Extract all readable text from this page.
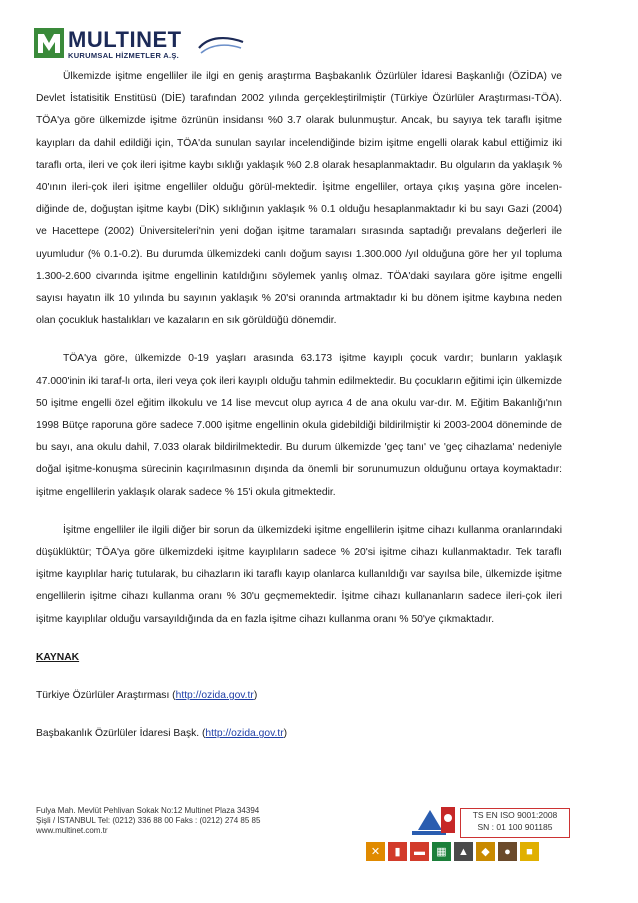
MULTINET
KURUMSAL HİZMETLER A.Ş.

Ülkemizde işitme engelliler ile ilgi en geniş araştırma Başbakanlık Özürlüler İdaresi Başkanlığı (ÖZİDA) ve Devlet İstatisitik Enstitüsü (DİE) tarafından 2002 yılında gerçekleştirilmiştir (Türkiye Özürlüler Araştırması-TÖA). TÖA'ya göre ülkemizde işitme özrünün insidansı %0 3.7 olarak bulunmuştur. Ancak, bu sayıya tek taraflı işitme kayıpları da dahil edildiği için, TÖA'da sunulan sayılar incelendiğinde bizim işitme engelli olarak kabul ettiğimiz iki taraflı orta, ileri ve çok ileri işitme kaybı sıklığı yaklaşık %0 2.8 olarak hesaplanmaktadır. Bu olguların da yaklaşık % 40'ının ileri-çok ileri işitme engelliler olduğu görül-mektedir. İşitme engelliler, ortaya çıkış yaşına göre incelen-diğinde de, doğuştan işitme kaybı (DİK) sıklığının yaklaşık % 0.1 olduğu hesaplanmaktadır ki bu sayı Gazi (2004) ve Hacettepe (2002) Üniversiteleri'nin yeni doğan işitme taramaları sırasında saptadığı prevalans değerleri ile uyumludur (% 0.1-0.2). Bu durumda ülkemizdeki canlı doğum sayısı 1.300.000 /yıl olduğuna göre her yıl topluma 1.300-2.600 civarında işitme engellinin katıldığını söylemek yanlış olmaz. TÖA'daki sayılara göre işitme engelli sayısı hayatın ilk 10 yılında bu sayının yaklaşık % 20'si oranında artmaktadır ki bu dönem işitme kaybına neden olan çocukluk hastalıkları ve kazaların en sık görüldüğü dönemdir.

TÖA'ya göre, ülkemizde 0-19 yaşları arasında 63.173 işitme kayıplı çocuk vardır; bunların yaklaşık 47.000'inin iki taraf-lı orta, ileri veya çok ileri kayıplı olduğu tahmin edilmektedir. Bu çocukların eğitimi için ülkemizde 50 işitme engelli özel eğitim ilkokulu ve 14 lise mevcut olup ayrıca 4 de ana okulu var-dır. M. Eğitim Bakanlığı'nın 1998 Bütçe raporuna göre sadece 7.000 işitme engellinin okula gidebildiği bildirilmiştir ki 2003-2004 döneminde de bu sayı, ana okulu dahil, 7.033 olarak bildirilmektedir. Bu durum ülkemizde 'geç tanı' ve 'geç cihazlama' nedeniyle doğal işitme-konuşma sürecinin kaçırılmasının dışında da önemli bir sorunumuzun olduğunu ortaya koymaktadır: işitme engellilerin yaklaşık olarak sadece % 15'i okula gitmektedir.

İşitme engelliler ile ilgili diğer bir sorun da ülkemizdeki işitme engellilerin işitme cihazı kullanma oranlarındaki düşüklüktür; TÖA'ya göre ülkemizdeki işitme kayıplıların sadece % 20'si işitme cihazı kullanmaktadır. Tek taraflı işitme kayıplılar hariç tutularak, bu cihazların iki taraflı kayıp olanlarca kullanıldığı var sayılsa bile, ülkemizde işitme engellilerin işitme cihazı kullanma oranı % 30'u geçmemektedir. İşitme cihazı kullananların sadece ileri-çok ileri işitme kayıplılar olduğu varsayıldığında da en fazla işitme cihazı kullanma oranı % 50'ye çıkmaktadır.

KAYNAK

Türkiye Özürlüler Araştırması (http://ozida.gov.tr)

Başbakanlık Özürlüler İdaresi Başk. (http://ozida.gov.tr)

Fulya Mah. Mevlüt Pehlivan Sokak No:12 Multinet Plaza 34394
Şişli / İSTANBUL Tel: (0212) 336 88 00 Faks : (0212) 274 85 85
www.multinet.com.tr
TS EN ISO 9001:2008
SN : 01 100 901185
✕	▮	▬	▦	▲	◆	●	■
